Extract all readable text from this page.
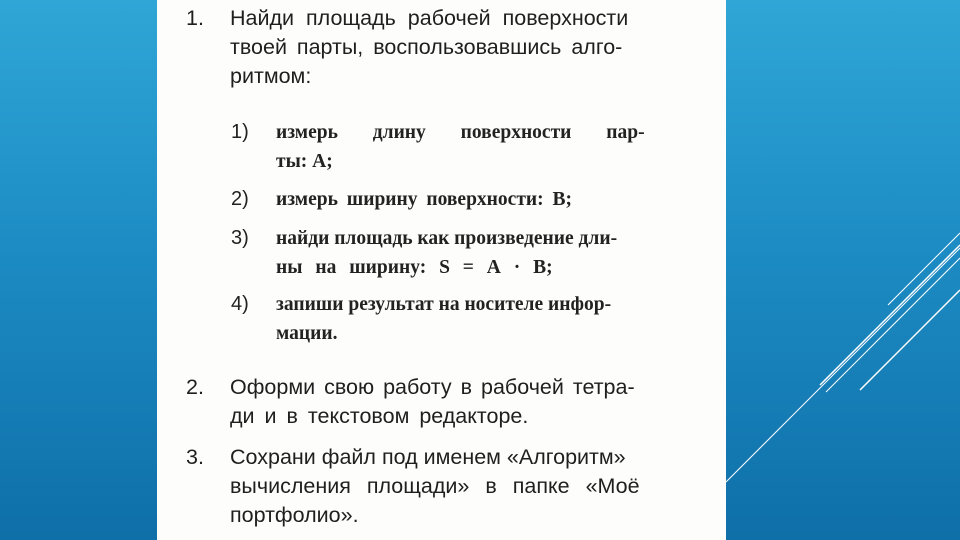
1. Найди площадь рабочей поверхности
твоей парты, воспользовавшись алго-
ритмом:
1) измерь длину поверхности пар-
ты: А;
2) измерь ширину поверхности: В;
3) найди площадь как произведение дли-
ны на ширину: S = А · В;
4) запиши результат на носителе инфор-
мации.
2. Оформи свою работу в рабочей тетра-
ди и в текстовом редакторе.
3. Сохрани файл под именем «Алгоритм»
вычисления площади» в папке «Моё
портфолио».
